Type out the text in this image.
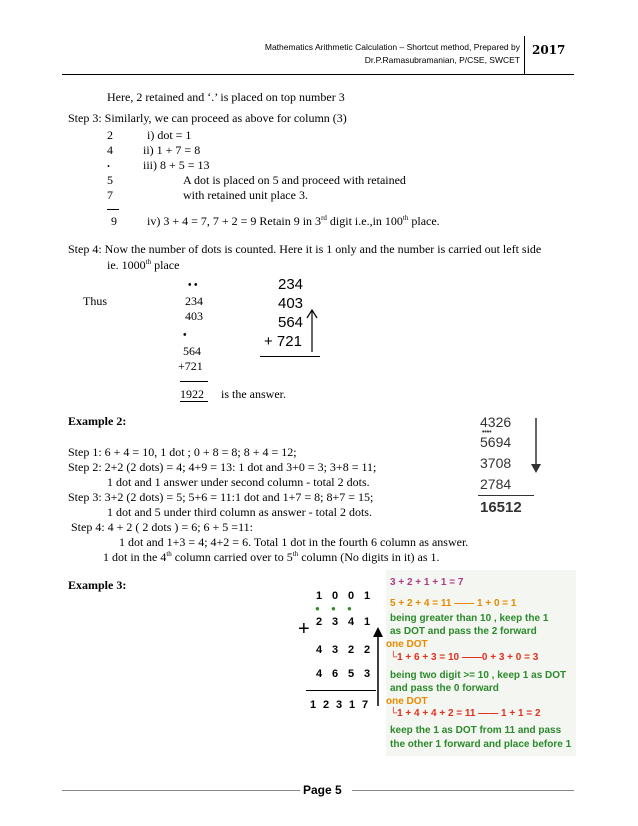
Mathematics Arithmetic Calculation – Shortcut method, Prepared by
Dr.P.Ramasubramanian, P/CSE, SWCET
2017
Here, 2 retained and ‘.’ is placed on top number 3
Step 3: Similarly, we can proceed as above for column (3)
2	i) dot = 1
4	ii) 1 + 7 = 8
.	iii) 8 + 5 = 13
5	A dot is placed on 5 and proceed with retained
7	with retained unit place 3.
9	iv) 3 + 4 = 7, 7 + 2 = 9 Retain 9 in 3rd digit i.e.,in 100th place.
Step 4: Now the number of dots is counted. Here it is 1 only and the number is carried out left side
ie. 1000th place
• •
Thus	234
403
•
564
+721
1922 is the answer.
234
403
564
+ 721
Example 2:
Step 1: 6 + 4 = 10, 1 dot ; 0 + 8 = 8; 8 + 4 = 12;
Step 2: 2+2 (2 dots) = 4; 4+9 = 13: 1 dot and 3+0 = 3; 3+8 = 11;
1 dot and 1 answer under second column - total 2 dots.
Step 3: 3+2 (2 dots) = 5; 5+6 = 11:1 dot and 1+7 = 8; 8+7 = 15;
1 dot and 5 under third column as answer - total 2 dots.
Step 4: 4 + 2 ( 2 dots ) = 6; 6 + 5 =11:
1 dot and 1+3 = 4; 4+2 = 6. Total 1 dot in the fourth 6 column as answer.
1 dot in the 4th column carried over to 5th column (No digits in it) as 1.
4326
• • • •
5694
3708
2784
16512
Example 3:
1 0 0 1
● ● ●
2 3 4 1
+
4 3 2 2
4 6 5 3
1 2 3 1 7
3 + 2 + 1 + 1 = 7
5 + 2 + 4 = 11 —— 1 + 0 = 1
being greater than 10 , keep the 1
as DOT and pass the 2 forward
one DOT
└1 + 6 + 3 = 10 ——0 + 3 + 0 = 3
being two digit >= 10 , keep 1 as DOT
and pass the 0 forward
one DOT
└1 + 4 + 4 + 2 = 11 —— 1 + 1 = 2
keep the 1 as DOT from 11 and pass
the other 1 forward and place before 1
Page 5
